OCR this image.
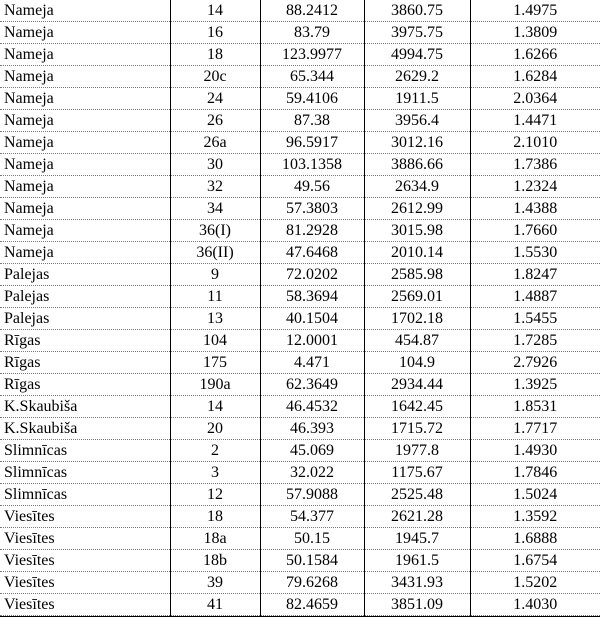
Nameja	14	88.2412	3860.75	1.4975
Nameja	16	83.79	3975.75	1.3809
Nameja	18	123.9977	4994.75	1.6266
Nameja	20c	65.344	2629.2	1.6284
Nameja	24	59.4106	1911.5	2.0364
Nameja	26	87.38	3956.4	1.4471
Nameja	26a	96.5917	3012.16	2.1010
Nameja	30	103.1358	3886.66	1.7386
Nameja	32	49.56	2634.9	1.2324
Nameja	34	57.3803	2612.99	1.4388
Nameja	36(I)	81.2928	3015.98	1.7660
Nameja	36(II)	47.6468	2010.14	1.5530
Palejas	9	72.0202	2585.98	1.8247
Palejas	11	58.3694	2569.01	1.4887
Palejas	13	40.1504	1702.18	1.5455
Rīgas	104	12.0001	454.87	1.7285
Rīgas	175	4.471	104.9	2.7926
Rīgas	190a	62.3649	2934.44	1.3925
K.Skaubiša	14	46.4532	1642.45	1.8531
K.Skaubiša	20	46.393	1715.72	1.7717
Slimnīcas	2	45.069	1977.8	1.4930
Slimnīcas	3	32.022	1175.67	1.7846
Slimnīcas	12	57.9088	2525.48	1.5024
Viesītes	18	54.377	2621.28	1.3592
Viesītes	18a	50.15	1945.7	1.6888
Viesītes	18b	50.1584	1961.5	1.6754
Viesītes	39	79.6268	3431.93	1.5202
Viesītes	41	82.4659	3851.09	1.4030
